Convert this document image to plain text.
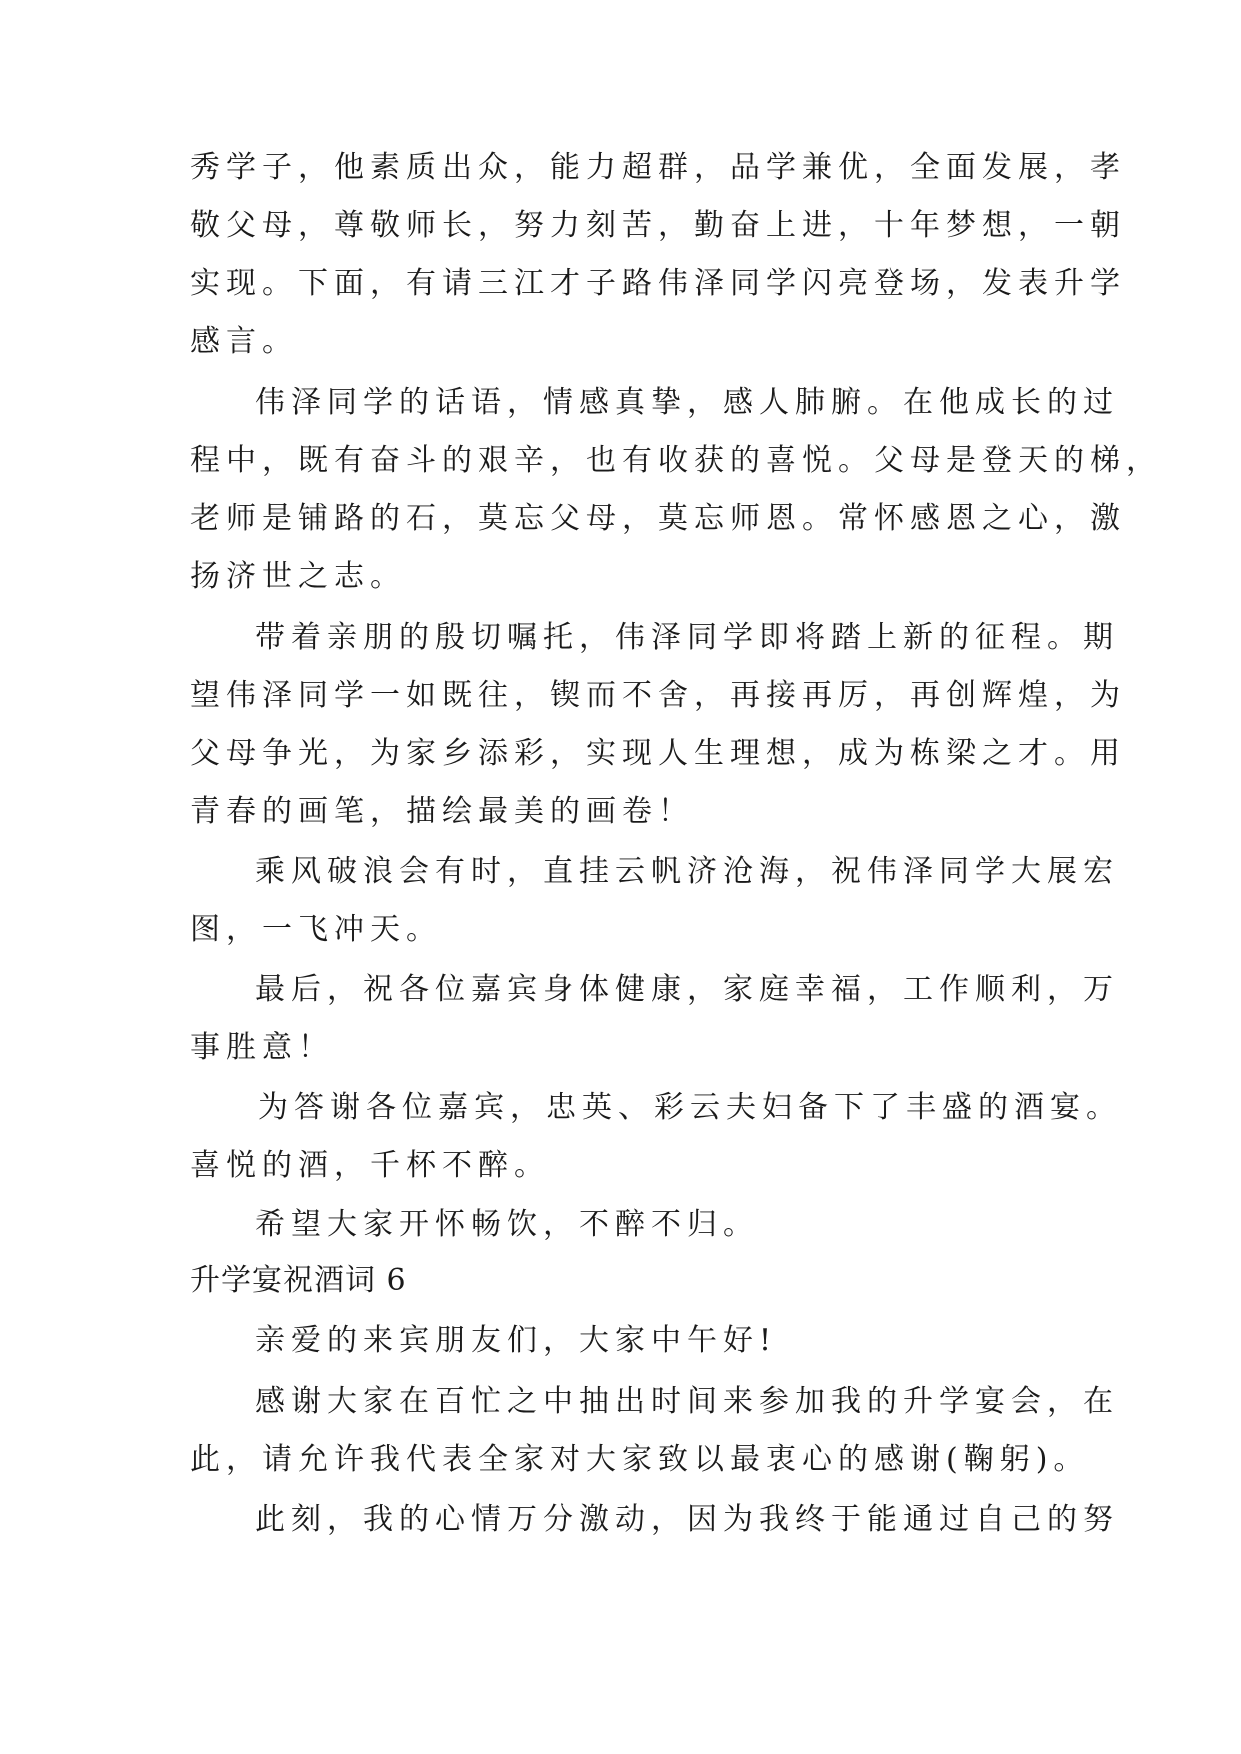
秀学子，他素质出众，能力超群，品学兼优，全面发展，孝
敬父母，尊敬师长，努力刻苦，勤奋上进，十年梦想，一朝
实现。下面，有请三江才子路伟泽同学闪亮登场，发表升学
感言。
伟泽同学的话语，情感真挚，感人肺腑。在他成长的过
程中，既有奋斗的艰辛，也有收获的喜悦。父母是登天的梯，
老师是铺路的石，莫忘父母，莫忘师恩。常怀感恩之心，激
扬济世之志。
带着亲朋的殷切嘱托，伟泽同学即将踏上新的征程。期
望伟泽同学一如既往，锲而不舍，再接再厉，再创辉煌，为
父母争光，为家乡添彩，实现人生理想，成为栋梁之才。用
青春的画笔，描绘最美的画卷！
乘风破浪会有时，直挂云帆济沧海，祝伟泽同学大展宏
图，一飞冲天。
最后，祝各位嘉宾身体健康，家庭幸福，工作顺利，万
事胜意！
为答谢各位嘉宾，忠英、彩云夫妇备下了丰盛的酒宴。
喜悦的酒，千杯不醉。
希望大家开怀畅饮，不醉不归。
升学宴祝酒词 6
亲爱的来宾朋友们，大家中午好!
感谢大家在百忙之中抽出时间来参加我的升学宴会，在
此，请允许我代表全家对大家致以最衷心的感谢(鞠躬)。
此刻，我的心情万分激动，因为我终于能通过自己的努
